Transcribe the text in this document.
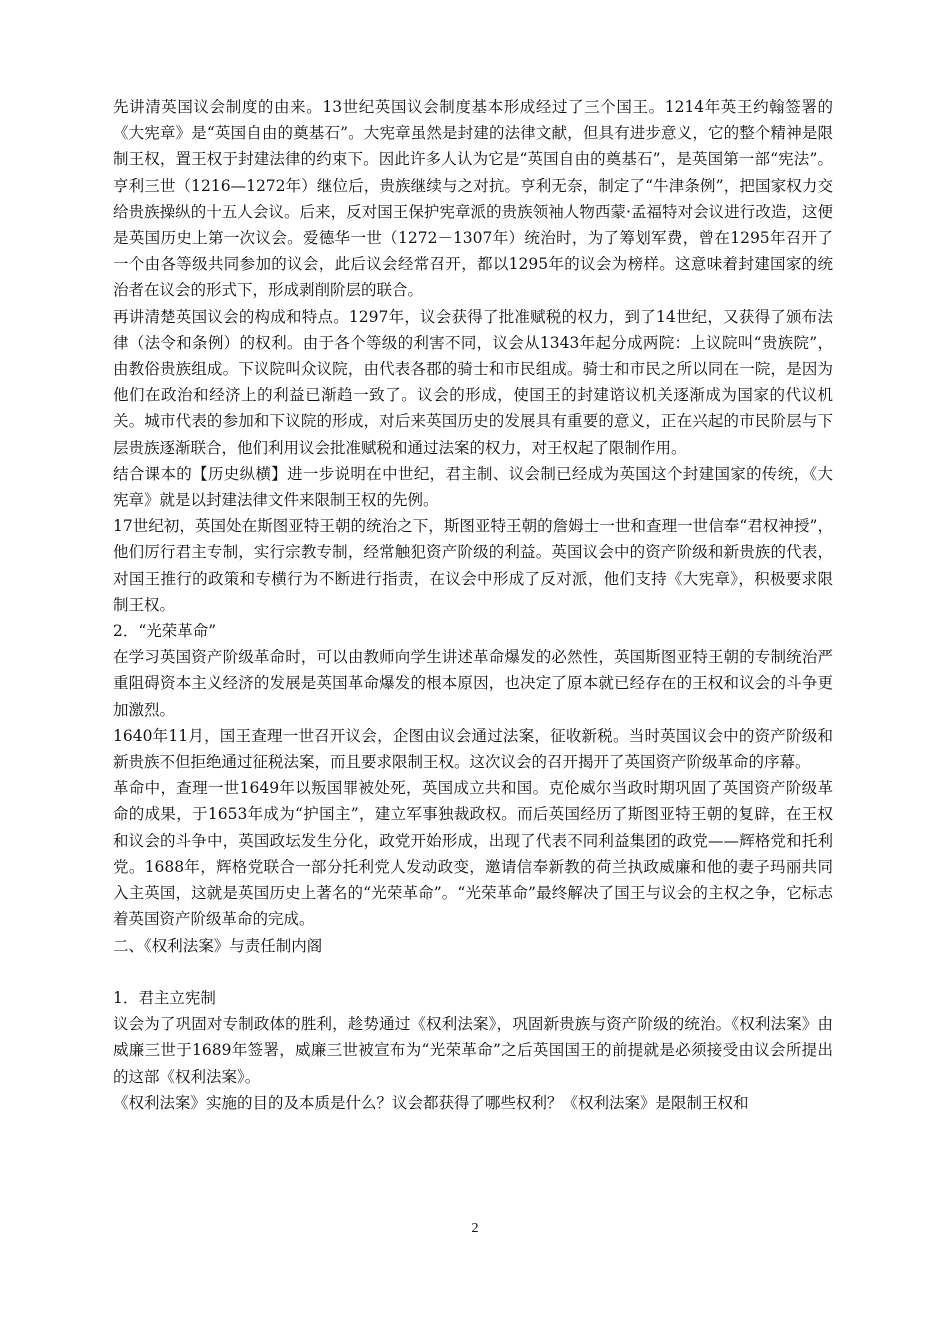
先讲清英国议会制度的由来。13世纪英国议会制度基本形成经过了三个国王。1214年英王约翰签署的《大宪章》是“英国自由的奠基石”。大宪章虽然是封建的法律文献，但具有进步意义，它的整个精神是限制王权，置王权于封建法律的约束下。因此许多人认为它是“英国自由的奠基石”，是英国第一部“宪法”。亨利三世（1216—1272年）继位后，贵族继续与之对抗。亨利无奈，制定了“牛津条例”，把国家权力交给贵族操纵的十五人会议。后来，反对国王保护宪章派的贵族领袖人物西蒙·孟福特对会议进行改造，这便是英国历史上第一次议会。爱德华一世（1272－1307年）统治时，为了筹划军费，曾在1295年召开了一个由各等级共同参加的议会，此后议会经常召开，都以1295年的议会为榜样。这意味着封建国家的统治者在议会的形式下，形成剥削阶层的联合。

再讲清楚英国议会的构成和特点。1297年，议会获得了批准赋税的权力，到了14世纪，又获得了颁布法律（法令和条例）的权利。由于各个等级的利害不同，议会从1343年起分成两院：上议院叫“贵族院”，由教俗贵族组成。下议院叫众议院，由代表各郡的骑士和市民组成。骑士和市民之所以同在一院，是因为他们在政治和经济上的利益已渐趋一致了。议会的形成，使国王的封建谘议机关逐渐成为国家的代议机关。城市代表的参加和下议院的形成，对后来英国历史的发展具有重要的意义，正在兴起的市民阶层与下层贵族逐渐联合，他们利用议会批准赋税和通过法案的权力，对王权起了限制作用。

结合课本的【历史纵横】进一步说明在中世纪，君主制、议会制已经成为英国这个封建国家的传统，《大宪章》就是以封建法律文件来限制王权的先例。

17世纪初，英国处在斯图亚特王朝的统治之下，斯图亚特王朝的詹姆士一世和查理一世信奉“君权神授”，他们厉行君主专制，实行宗教专制，经常触犯资产阶级的利益。英国议会中的资产阶级和新贵族的代表，对国王推行的政策和专横行为不断进行指责，在议会中形成了反对派，他们支持《大宪章》，积极要求限制王权。

2．“光荣革命”

在学习英国资产阶级革命时，可以由教师向学生讲述革命爆发的必然性，英国斯图亚特王朝的专制统治严重阻碍资本主义经济的发展是英国革命爆发的根本原因，也决定了原本就已经存在的王权和议会的斗争更加激烈。

1640年11月，国王查理一世召开议会，企图由议会通过法案，征收新税。当时英国议会中的资产阶级和新贵族不但拒绝通过征税法案，而且要求限制王权。这次议会的召开揭开了英国资产阶级革命的序幕。

革命中，查理一世1649年以叛国罪被处死，英国成立共和国。克伦威尔当政时期巩固了英国资产阶级革命的成果，于1653年成为“护国主”，建立军事独裁政权。而后英国经历了斯图亚特王朝的复辟，在王权和议会的斗争中，英国政坛发生分化，政党开始形成，出现了代表不同利益集团的政党——辉格党和托利党。1688年，辉格党联合一部分托利党人发动政变，邀请信奉新教的荷兰执政威廉和他的妻子玛丽共同入主英国，这就是英国历史上著名的“光荣革命”。“光荣革命”最终解决了国王与议会的主权之争，它标志着英国资产阶级革命的完成。

二、《权利法案》与责任制内阁

1．君主立宪制

议会为了巩固对专制政体的胜利，趁势通过《权利法案》，巩固新贵族与资产阶级的统治。《权利法案》由威廉三世于1689年签署，威廉三世被宣布为“光荣革命”之后英国国王的前提就是必须接受由议会所提出的这部《权利法案》。

《权利法案》实施的目的及本质是什么？议会都获得了哪些权利？《权利法案》是限制王权和

2
